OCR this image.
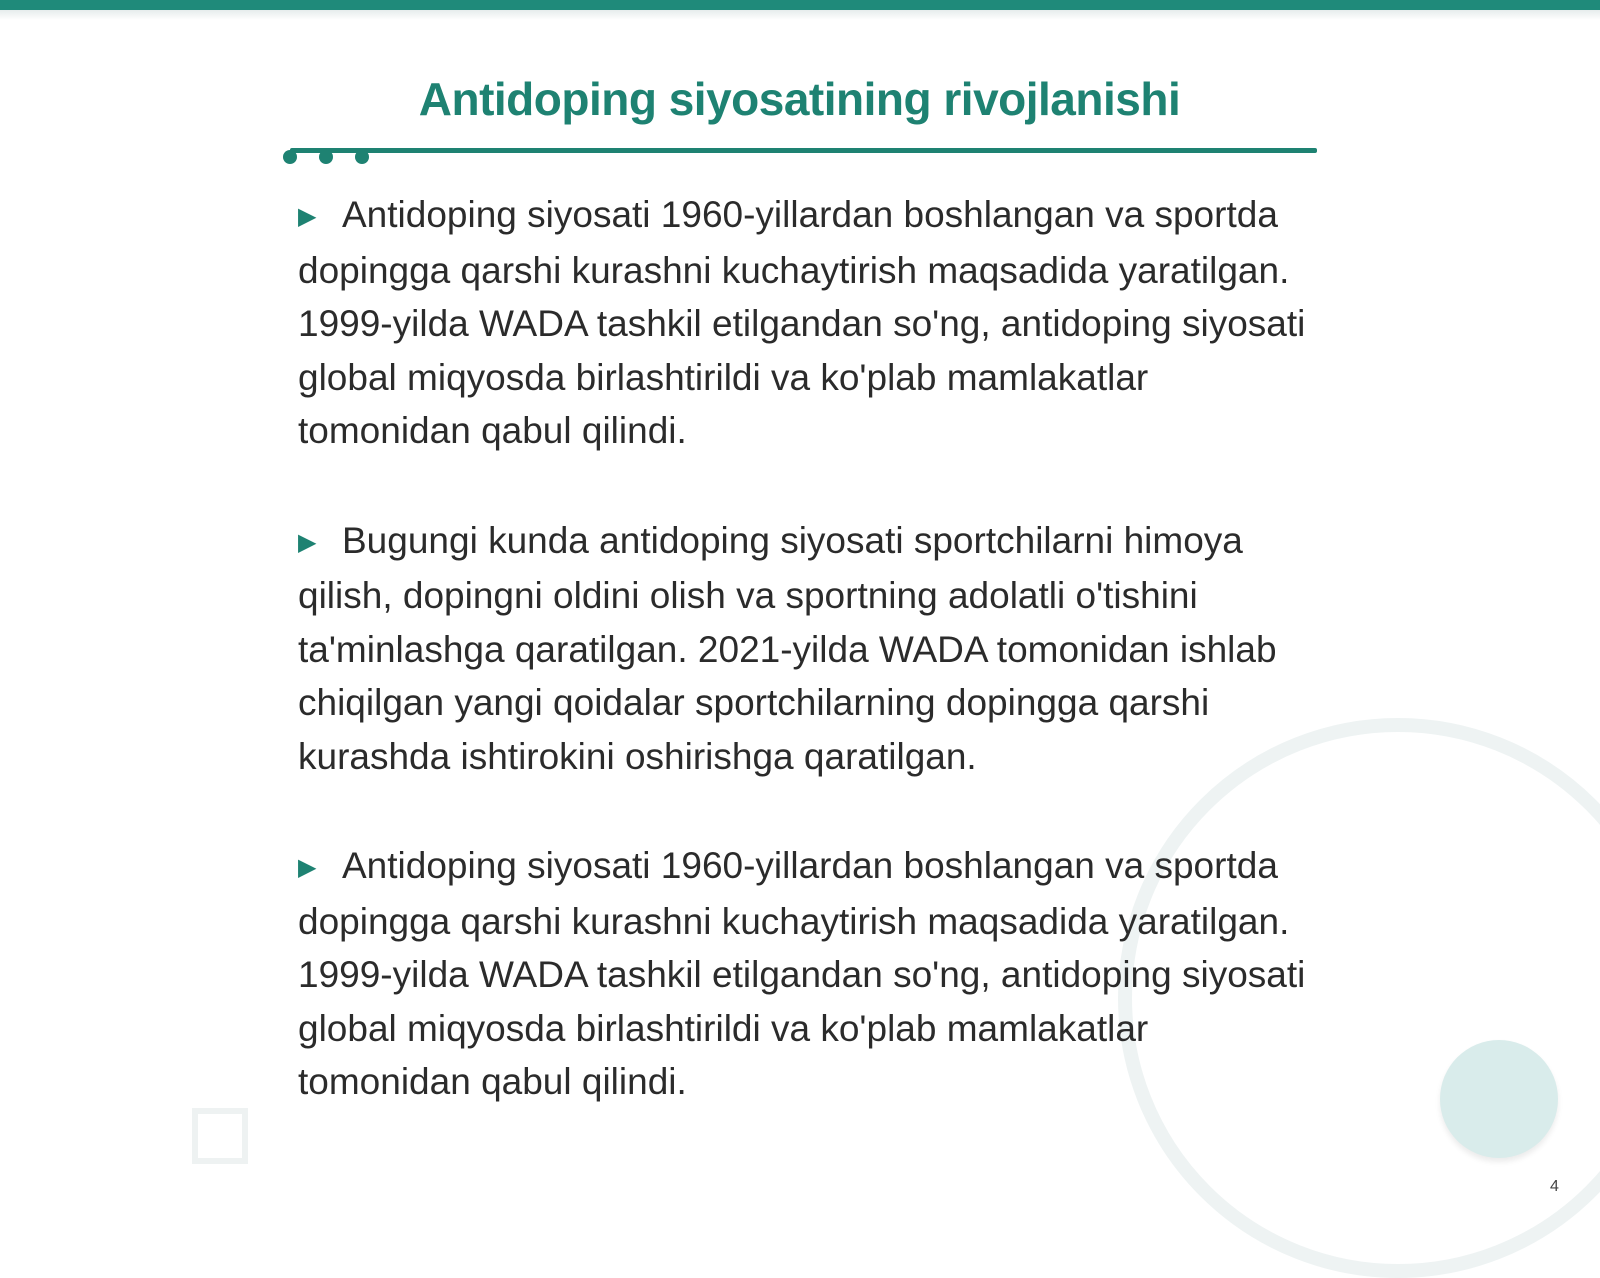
Antidoping siyosatining rivojlanishi

▶ Antidoping siyosati 1960-yillardan boshlangan va sportda dopingga qarshi kurashni kuchaytirish maqsadida yaratilgan. 1999-yilda WADA tashkil etilgandan so'ng, antidoping siyosati global miqyosda birlashtirildi va ko'plab mamlakatlar tomonidan qabul qilindi.

▶ Bugungi kunda antidoping siyosati sportchilarni himoya qilish, dopingni oldini olish va sportning adolatli o'tishini ta'minlashga qaratilgan. 2021-yilda WADA tomonidan ishlab chiqilgan yangi qoidalar sportchilarning dopingga qarshi kurashda ishtirokini oshirishga qaratilgan.

▶ Antidoping siyosati 1960-yillardan boshlangan va sportda dopingga qarshi kurashni kuchaytirish maqsadida yaratilgan. 1999-yilda WADA tashkil etilgandan so'ng, antidoping siyosati global miqyosda birlashtirildi va ko'plab mamlakatlar tomonidan qabul qilindi.

4
